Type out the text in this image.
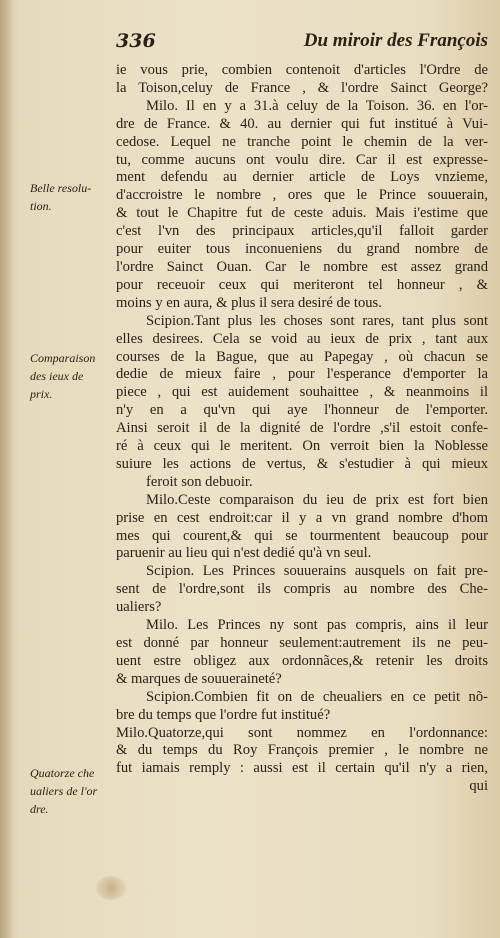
336	Du miroir des François
Belle resolu-
tion.
Comparaison
des ieux de
prix.
Quatorze che
ualiers de l'or
dre.
ie vous prie, combien contenoit d'articles l'Ordre de
la Toison,celuy de France , & l'ordre Sainct George?
Milo. Il en y a 31.à celuy de la Toison. 36. en l'or-
dre de France. & 40. au dernier qui fut institué à Vui-
cedose. Lequel ne tranche point le chemin de la ver-
tu, comme aucuns ont voulu dire. Car il est expresse-
ment defendu au dernier article de Loys vnzieme,
d'accroistre le nombre , ores que le Prince souuerain,
& tout le Chapitre fut de ceste aduis. Mais i'estime que
c'est l'vn des principaux articles,qu'il falloit garder
pour euiter tous inconueniens du grand nombre de
l'ordre Sainct Ouan. Car le nombre est assez grand
pour receuoir ceux qui meriteront tel honneur , &
moins y en aura, & plus il sera desiré de tous.
Scipion.Tant plus les choses sont rares, tant plus sont
elles desirees. Cela se void au ieux de prix , tant aux
courses de la Bague, que au Papegay , où chacun se
dedie de mieux faire , pour l'esperance d'emporter la
piece , qui est auidement souhaittee , & neanmoins il
n'y en a qu'vn qui aye l'honneur de l'emporter.
Ainsi seroit il de la dignité de l'ordre ,s'il estoit confe-
ré à ceux qui le meritent. On verroit bien la Noblesse
suiure les actions de vertus, & s'estudier à qui mieux
feroit son debuoir.
Milo.Ceste comparaison du ieu de prix est fort bien
prise en cest endroit:car il y a vn grand nombre d'hom
mes qui courent,& qui se tourmentent beaucoup pour
paruenir au lieu qui n'est dedié qu'à vn seul.
Scipion. Les Princes souuerains ausquels on fait pre-
sent de l'ordre,sont ils compris au nombre des Che-
ualiers?
Milo. Les Princes ny sont pas compris, ains il leur
est donné par honneur seulement:autrement ils ne peu-
uent estre obligez aux ordonnãces,& retenir les droits
& marques de souueraineté?
Scipion.Combien fit on de cheualiers en ce petit nõ-
bre du temps que l'ordre fut institué?
Milo.Quatorze,qui sont nommez en l'ordonnance:
& du temps du Roy François premier , le nombre ne
fut iamais remply : aussi est il certain qu'il n'y a rien,
qui
